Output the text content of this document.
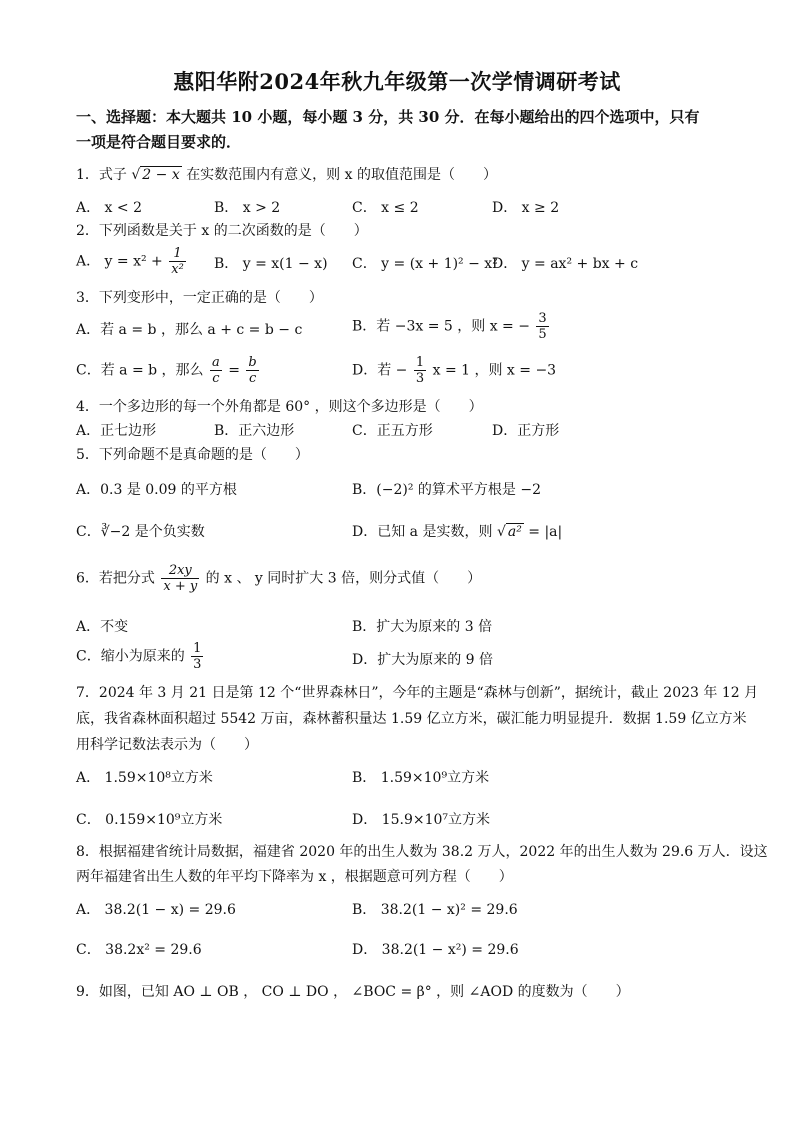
惠阳华附2024年秋九年级第一次学情调研考试
一、选择题：本大题共 10 小题，每小题 3 分，共 30 分．在每小题给出的四个选项中，只有
一项是符合题目要求的．
1．式子 √ 2 − x 在实数范围内有意义，则 x 的取值范围是（　　）
A． x < 2	B． x > 2	C． x ≤ 2	D． x ≥ 2
2．下列函数是关于 x 的二次函数的是（　　）
A． $y = x^2 + \frac{1}{\text{x²}}$ B． y = x(1 − x) C． y = (x + 1)² − x²
D． y = ax² + bx + c
3．下列变形中，一定正确的是（　　）
A．若 a = b ，那么 a + c = b − c	B．若 −3x = 5 ，则 x = − $\frac{3}{5}$
C．若 a = b ，那么 $\frac{a}{c} = \frac{b}{c}$	D．若 − $\frac{1}{3}$ x = 1 ，则 x = −3
4．一个多边形的每一个外角都是 60° ，则这个多边形是（　　）
A．正七边形	B．正六边形	C．正五方形	D．正方形
5．下列命题不是真命题的是（　　）
A．0.3 是 0.09 的平方根	B．(−2)² 的算术平方根是 −2
C．∛−2 是个负实数	D．已知 a 是实数，则 √ a² = |a|
6．若把分式 $\frac{2xy}{x + y}$ 的 x 、 y 同时扩大 3 倍，则分式值（　　）
A．不变	B．扩大为原来的 3 倍
C．缩小为原来的 $\frac{1}{3}$	D．扩大为原来的 9 倍
7．2024 年 3 月 21 日是第 12 个“世界森林日”，今年的主题是“森林与创新”，据统计，截止 2023 年 12 月
底，我省森林面积超过 5542 万亩，森林蓄积量达 1.59 亿立方米，碳汇能力明显提升．数据 1.59 亿立方米
用科学记数法表示为（　　）
A． 1.59×10⁸立方米	B． 1.59×10⁹立方米
C． 0.159×10⁹立方米	D． 15.9×10⁷立方米
8．根据福建省统计局数据，福建省 2020 年的出生人数为 38.2 万人，2022 年的出生人数为 29.6 万人．设这
两年福建省出生人数的年平均下降率为 x ，根据题意可列方程（　　）
A． 38.2(1 − x) = 29.6	B． 38.2(1 − x)² = 29.6
C． 38.2x² = 29.6	D． 38.2(1 − x²) = 29.6
9．如图，已知 AO ⊥ OB ， CO ⊥ DO ， ∠BOC = β° ，则 ∠AOD 的度数为（　　）
